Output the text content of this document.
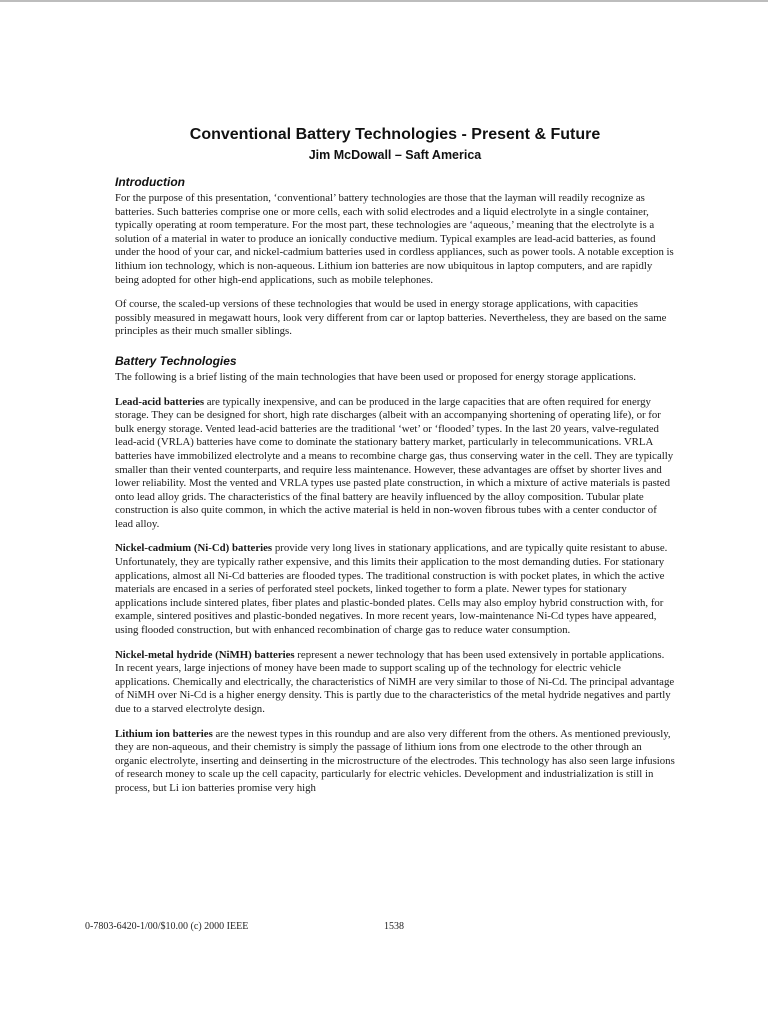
Conventional Battery Technologies - Present & Future
Jim McDowall – Saft America
Introduction

For the purpose of this presentation, ‘conventional’ battery technologies are those that the layman will readily recognize as batteries. Such batteries comprise one or more cells, each with solid electrodes and a liquid electrolyte in a single container, typically operating at room temperature. For the most part, these technologies are ‘aqueous,’ meaning that the electrolyte is a solution of a material in water to produce an ionically conductive medium. Typical examples are lead-acid batteries, as found under the hood of your car, and nickel-cadmium batteries used in cordless appliances, such as power tools. A notable exception is lithium ion technology, which is non-aqueous. Lithium ion batteries are now ubiquitous in laptop computers, and are rapidly being adopted for other high-end applications, such as mobile telephones.

Of course, the scaled-up versions of these technologies that would be used in energy storage applications, with capacities possibly measured in megawatt hours, look very different from car or laptop batteries. Nevertheless, they are based on the same principles as their much smaller siblings.

Battery Technologies

The following is a brief listing of the main technologies that have been used or proposed for energy storage applications.

Lead-acid batteries are typically inexpensive, and can be produced in the large capacities that are often required for energy storage. They can be designed for short, high rate discharges (albeit with an accompanying shortening of operating life), or for bulk energy storage. Vented lead-acid batteries are the traditional ‘wet’ or ‘flooded’ types. In the last 20 years, valve-regulated lead-acid (VRLA) batteries have come to dominate the stationary battery market, particularly in telecommunications. VRLA batteries have immobilized electrolyte and a means to recombine charge gas, thus conserving water in the cell. They are typically smaller than their vented counterparts, and require less maintenance. However, these advantages are offset by shorter lives and lower reliability. Most the vented and VRLA types use pasted plate construction, in which a mixture of active materials is pasted onto lead alloy grids. The characteristics of the final battery are heavily influenced by the alloy composition. Tubular plate construction is also quite common, in which the active material is held in non-woven fibrous tubes with a center conductor of lead alloy.

Nickel-cadmium (Ni-Cd) batteries provide very long lives in stationary applications, and are typically quite resistant to abuse. Unfortunately, they are typically rather expensive, and this limits their application to the most demanding duties. For stationary applications, almost all Ni-Cd batteries are flooded types. The traditional construction is with pocket plates, in which the active materials are encased in a series of perforated steel pockets, linked together to form a plate. Newer types for stationary applications include sintered plates, fiber plates and plastic-bonded plates. Cells may also employ hybrid construction with, for example, sintered positives and plastic-bonded negatives. In more recent years, low-maintenance Ni-Cd types have appeared, using flooded construction, but with enhanced recombination of charge gas to reduce water consumption.

Nickel-metal hydride (NiMH) batteries represent a newer technology that has been used extensively in portable applications. In recent years, large injections of money have been made to support scaling up of the technology for electric vehicle applications. Chemically and electrically, the characteristics of NiMH are very similar to those of Ni-Cd. The principal advantage of NiMH over Ni-Cd is a higher energy density. This is partly due to the characteristics of the metal hydride negatives and partly due to a starved electrolyte design.

Lithium ion batteries are the newest types in this roundup and are also very different from the others. As mentioned previously, they are non-aqueous, and their chemistry is simply the passage of lithium ions from one electrode to the other through an organic electrolyte, inserting and deinserting in the microstructure of the electrodes. This technology has also seen large infusions of research money to scale up the cell capacity, particularly for electric vehicles. Development and industrialization is still in process, but Li ion batteries promise very high

0-7803-6420-1/00/$10.00 (c) 2000 IEEE	1538
